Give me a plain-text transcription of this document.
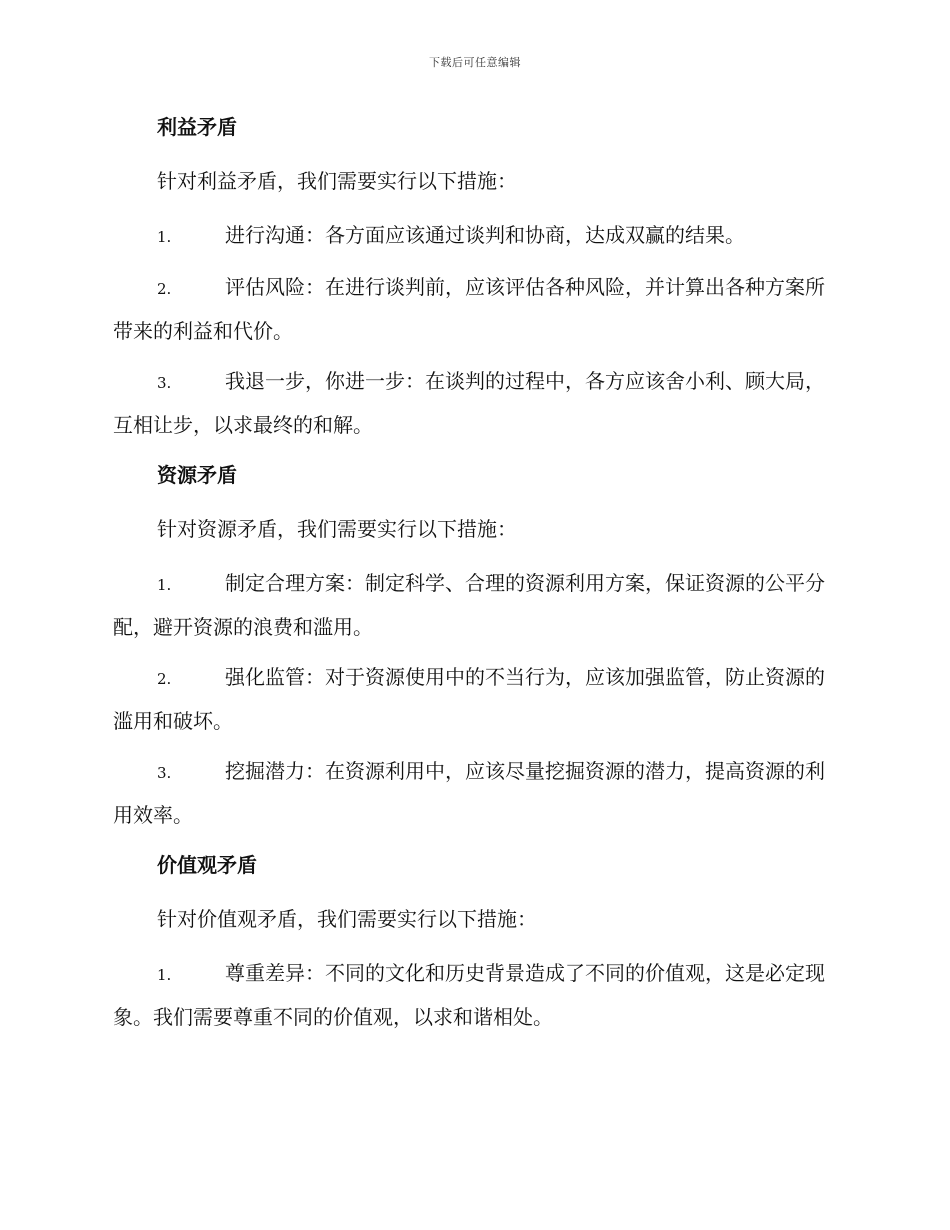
下载后可任意编辑

利益矛盾

针对利益矛盾，我们需要实行以下措施：

1.	进行沟通：各方面应该通过谈判和协商，达成双赢的结果。

2.	评估风险：在进行谈判前，应该评估各种风险，并计算出各种方案所带来的利益和代价。

3.	我退一步，你进一步：在谈判的过程中，各方应该舍小利、顾大局，互相让步，以求最终的和解。

资源矛盾

针对资源矛盾，我们需要实行以下措施：

1.	制定合理方案：制定科学、合理的资源利用方案，保证资源的公平分配，避开资源的浪费和滥用。

2.	强化监管：对于资源使用中的不当行为，应该加强监管，防止资源的滥用和破坏。

3.	挖掘潜力：在资源利用中，应该尽量挖掘资源的潜力，提高资源的利用效率。

价值观矛盾

针对价值观矛盾，我们需要实行以下措施：

1.	尊重差异：不同的文化和历史背景造成了不同的价值观，这是必定现象。我们需要尊重不同的价值观，以求和谐相处。
